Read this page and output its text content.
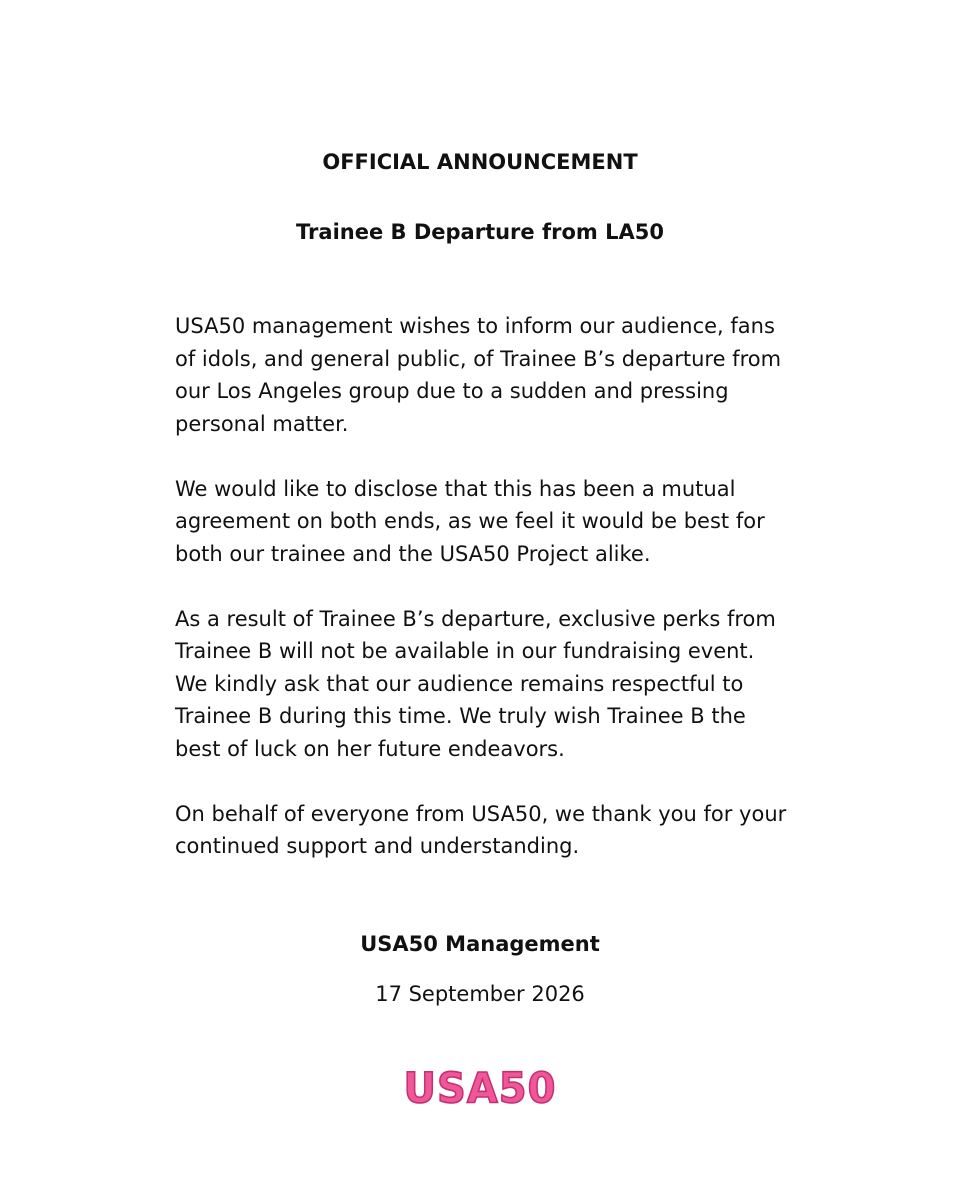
OFFICIAL ANNOUNCEMENT
Trainee B Departure from LA50

USA50 management wishes to inform our audience, fans
of idols, and general public, of Trainee B’s departure from
our Los Angeles group due to a sudden and pressing
personal matter.

We would like to disclose that this has been a mutual
agreement on both ends, as we feel it would be best for
both our trainee and the USA50 Project alike.

As a result of Trainee B’s departure, exclusive perks from
Trainee B will not be available in our fundraising event.
We kindly ask that our audience remains respectful to
Trainee B during this time. We truly wish Trainee B the
best of luck on her future endeavors.

On behalf of everyone from USA50, we thank you for your
continued support and understanding.

USA50 Management

17 September 2026

USA50
